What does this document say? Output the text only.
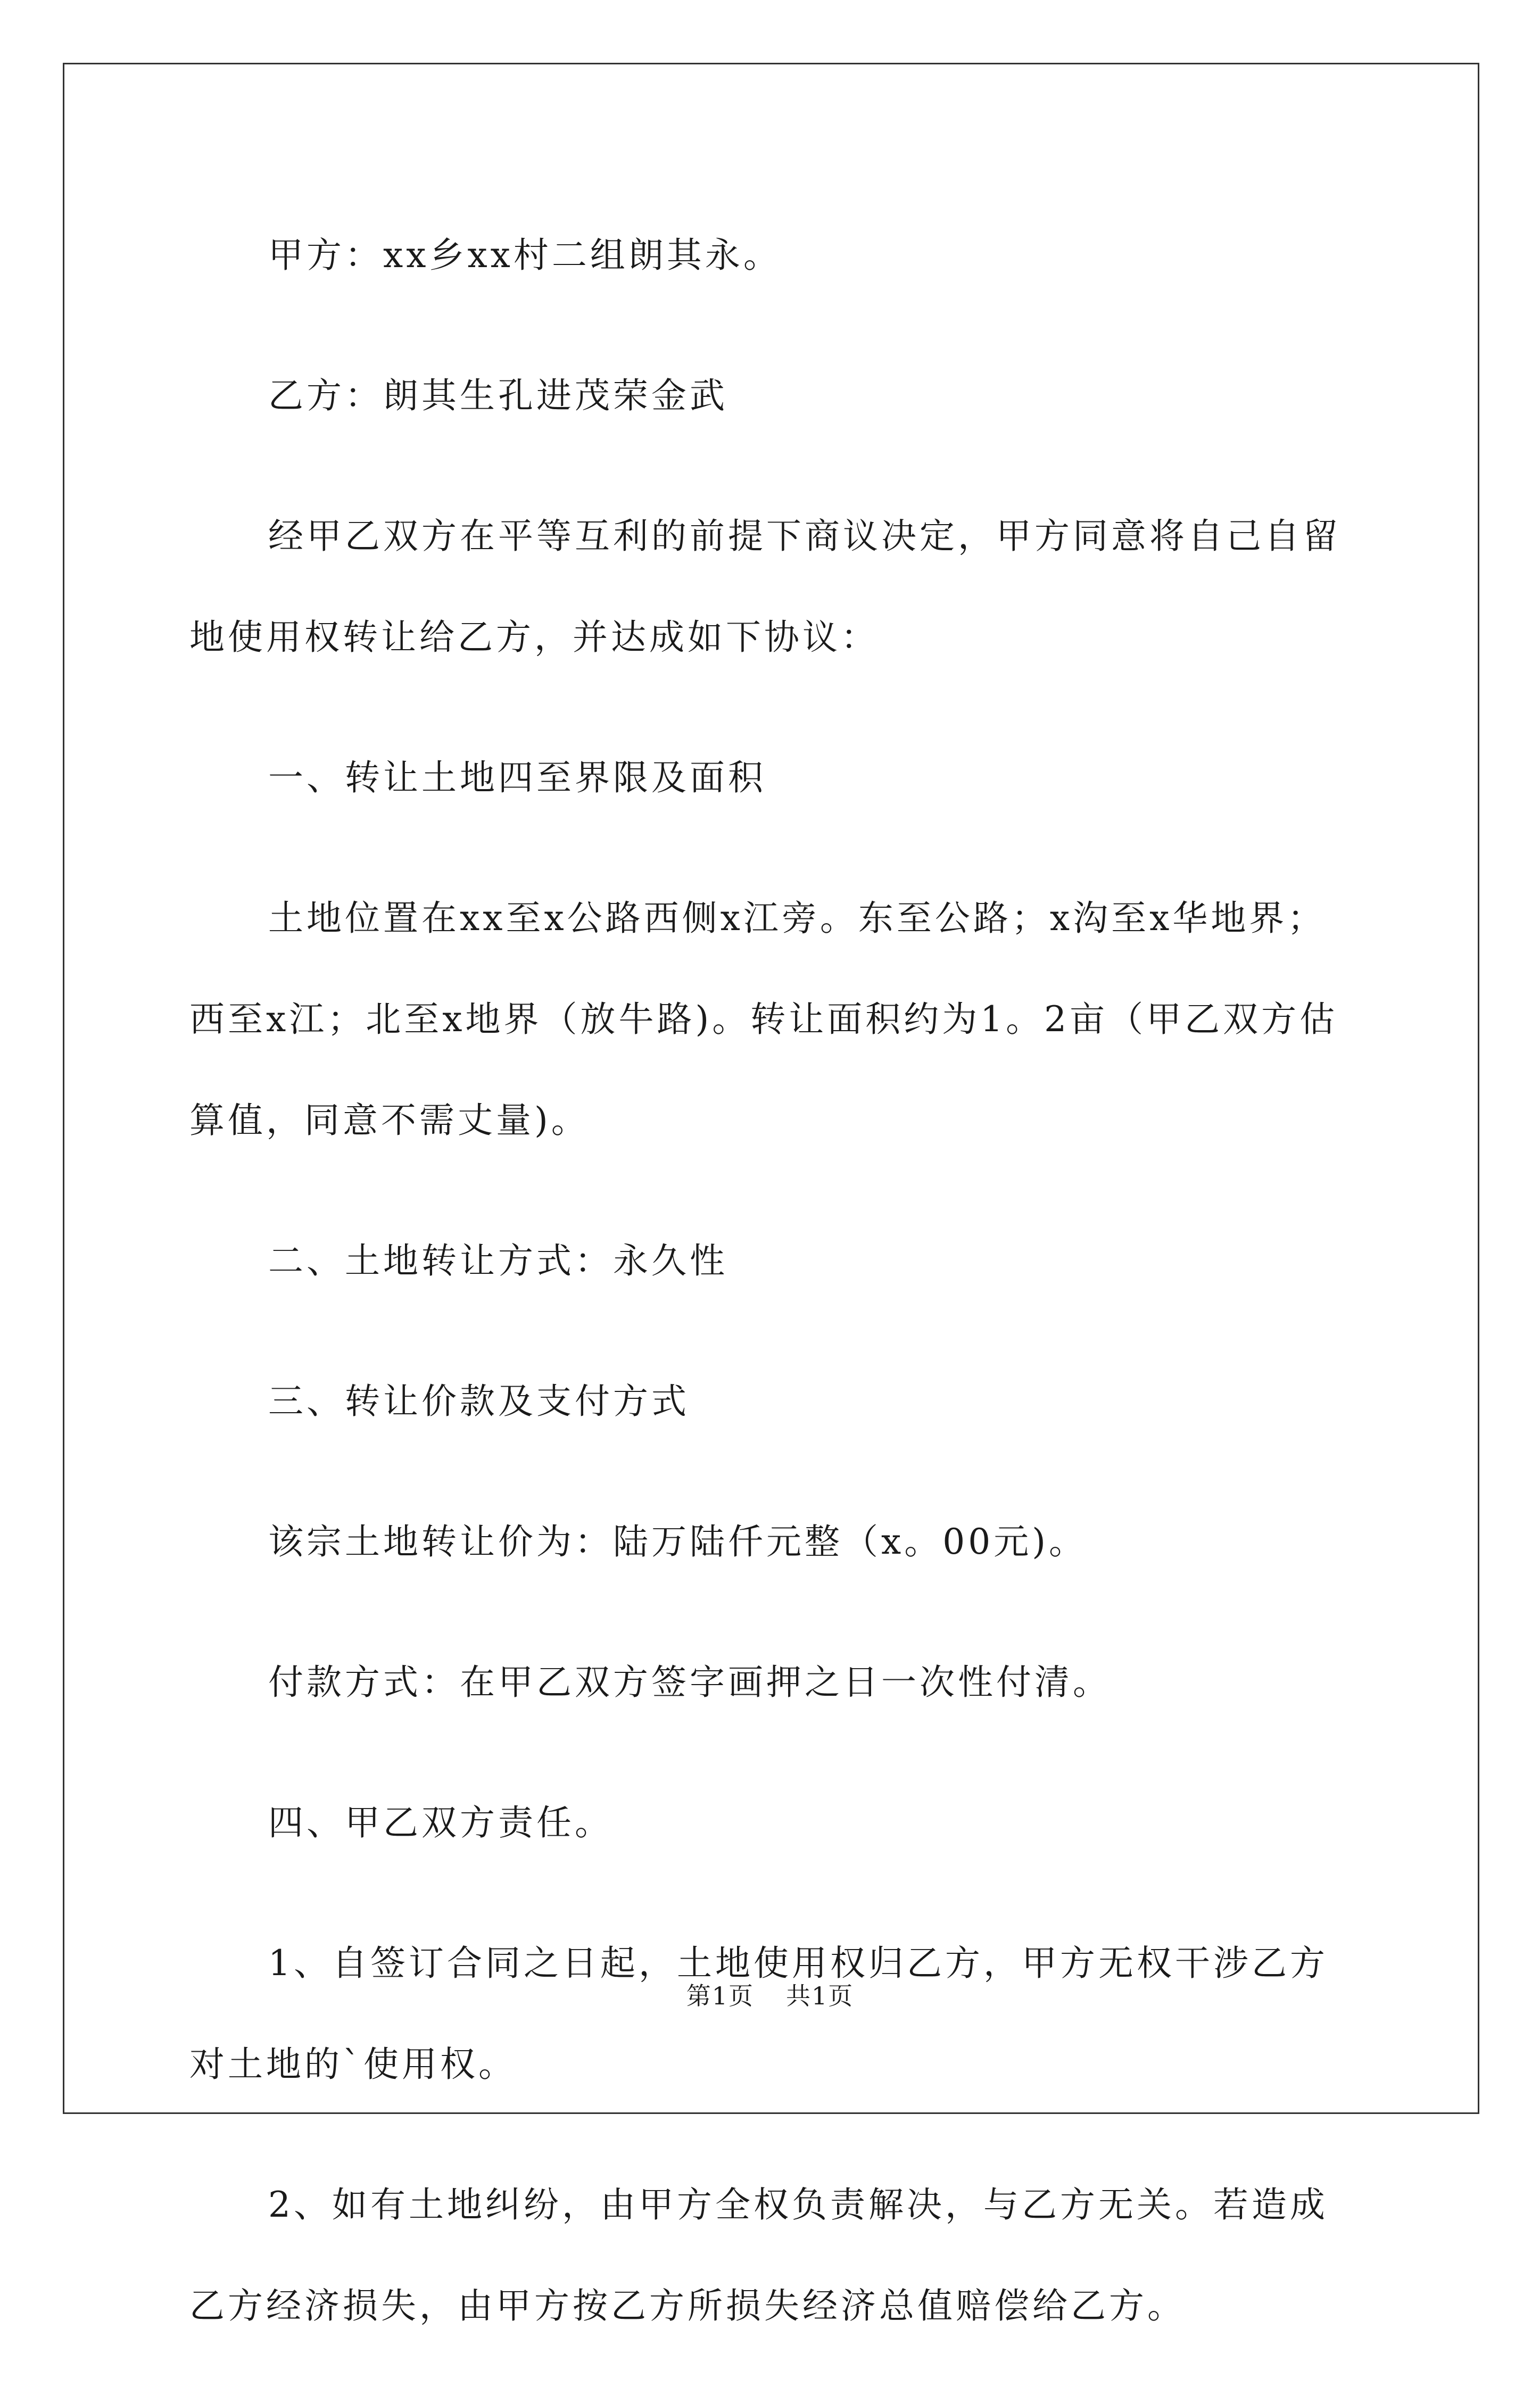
甲方：xx乡xx村二组朗其永。

乙方：朗其生孔进茂荣金武

经甲乙双方在平等互利的前提下商议决定，甲方同意将自己自留地使用权转让给乙方，并达成如下协议：

一、转让土地四至界限及面积

土地位置在xx至x公路西侧x江旁。东至公路；x沟至x华地界；西至x江；北至x地界（放牛路)。转让面积约为1。2亩（甲乙双方估算值，同意不需丈量)。

二、土地转让方式：永久性

三、转让价款及支付方式

该宗土地转让价为：陆万陆仟元整（x。00元)。

付款方式：在甲乙双方签字画押之日一次性付清。

四、甲乙双方责任。

1、自签订合同之日起，土地使用权归乙方，甲方无权干涉乙方对土地的`使用权。

2、如有土地纠纷，由甲方全权负责解决，与乙方无关。若造成乙方经济损失，由甲方按乙方所损失经济总值赔偿给乙方。

第1页 共1页
